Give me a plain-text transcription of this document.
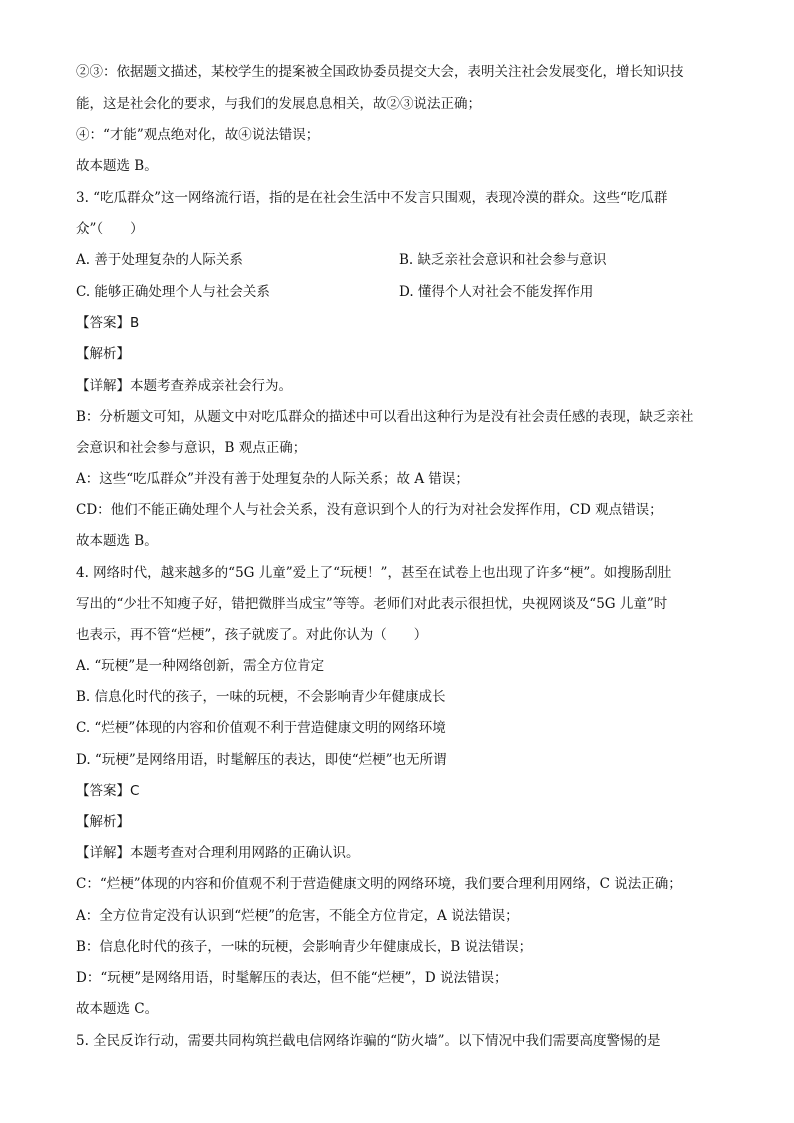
②③：依据题文描述，某校学生的提案被全国政协委员提交大会，表明关注社会发展变化，增长知识技
能，这是社会化的要求，与我们的发展息息相关，故②③说法正确；
④：“才能”观点绝对化，故④说法错误；
故本题选 B。
3. “吃瓜群众”这一网络流行语，指的是在社会生活中不发言只围观，表现冷漠的群众。这些“吃瓜群
众”（　　）
A. 善于处理复杂的人际关系	B. 缺乏亲社会意识和社会参与意识
C. 能够正确处理个人与社会关系	D. 懂得个人对社会不能发挥作用
【答案】B
【解析】
【详解】本题考查养成亲社会行为。
B：分析题文可知，从题文中对吃瓜群众的描述中可以看出这种行为是没有社会责任感的表现，缺乏亲社
会意识和社会参与意识，B 观点正确；
A：这些“吃瓜群众”并没有善于处理复杂的人际关系；故 A 错误；
CD：他们不能正确处理个人与社会关系，没有意识到个人的行为对社会发挥作用，CD 观点错误；
故本题选 B。
4. 网络时代，越来越多的“5G 儿童”爱上了“玩梗！”，甚至在试卷上也出现了许多“梗”。如搜肠刮肚
写出的“少壮不知瘦子好，错把微胖当成宝”等等。老师们对此表示很担忧，央视网谈及“5G 儿童”时
也表示，再不管“烂梗”，孩子就废了。对此你认为（　　）
A. “玩梗”是一种网络创新，需全方位肯定
B. 信息化时代的孩子，一味的玩梗，不会影响青少年健康成长
C. “烂梗”体现的内容和价值观不利于营造健康文明的网络环境
D. “玩梗”是网络用语，时髦解压的表达，即使“烂梗”也无所谓
【答案】C
【解析】
【详解】本题考查对合理利用网路的正确认识。
C：“烂梗”体现的内容和价值观不利于营造健康文明的网络环境，我们要合理利用网络，C 说法正确；
A：全方位肯定没有认识到“烂梗”的危害，不能全方位肯定，A 说法错误；
B：信息化时代的孩子，一味的玩梗，会影响青少年健康成长，B 说法错误；
D：“玩梗”是网络用语，时髦解压的表达，但不能“烂梗”，D 说法错误；
故本题选 C。
5. 全民反诈行动，需要共同构筑拦截电信网络诈骗的“防火墙”。以下情况中我们需要高度警惕的是
